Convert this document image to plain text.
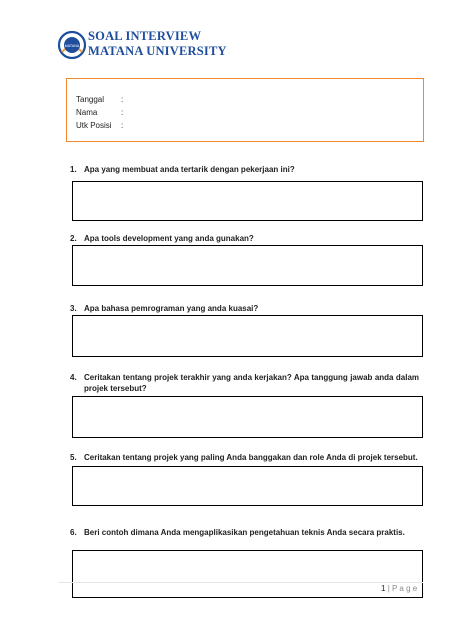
MATANA
SOAL INTERVIEW
MATANA UNIVERSITY
Tanggal :
Nama	:
Utk Posisi :
1. Apa yang membuat anda tertarik dengan pekerjaan ini?
2. Apa tools development yang anda gunakan?
3. Apa bahasa pemrograman yang anda kuasai?
4. Ceritakan tentang projek terakhir yang anda kerjakan? Apa tanggung jawab anda dalam projek tersebut?
5. Ceritakan tentang projek yang paling Anda banggakan dan role Anda di projek tersebut.
6. Beri contoh dimana Anda mengaplikasikan pengetahuan teknis Anda secara praktis.
1 | P a g e
